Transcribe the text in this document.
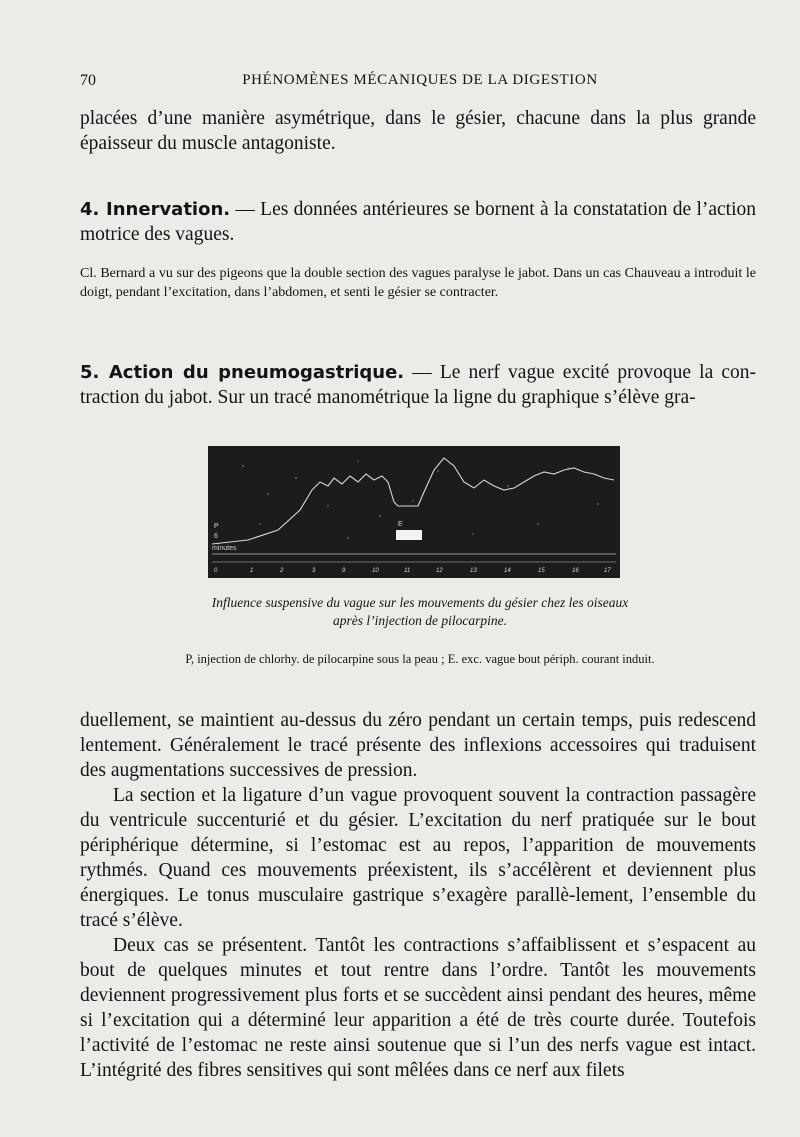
70	PHÉNOMÈNES MÉCANIQUES DE LA DIGESTION

placées d’une manière asymétrique, dans le gésier, chacune dans la plus grande épaisseur du muscle antagoniste.

4. Innervation. — Les données antérieures se bornent à la constatation de l’action motrice des vagues.

Cl. Bernard a vu sur des pigeons que la double section des vagues paralyse le jabot. Dans un cas Chauveau a introduit le doigt, pendant l’excitation, dans l’abdomen, et senti le gésier se contracter.

5. Action du pneumogastrique. — Le nerf vague excité provoque la con-traction du jabot. Sur un tracé manométrique la ligne du graphique s’élève gra-

P	E
6
minutes
0	1	2	3	9	10	11	12	13	14	15	16	17

Influence suspensive du vague sur les mouvements du gésier chez les oiseaux

après l’injection de pilocarpine.

P, injection de chlorhy. de pilocarpine sous la peau ; E. exc. vague bout périph. courant induit.

duellement, se maintient au-dessus du zéro pendant un certain temps, puis redescend lentement. Généralement le tracé présente des inflexions accessoires qui traduisent des augmentations successives de pression.

La section et la ligature d’un vague provoquent souvent la contraction passagère du ventricule succenturié et du gésier. L’excitation du nerf pratiquée sur le bout périphérique détermine, si l’estomac est au repos, l’apparition de mouvements rythmés. Quand ces mouvements préexistent, ils s’accélèrent et deviennent plus énergiques. Le tonus musculaire gastrique s’exagère parallè-lement, l’ensemble du tracé s’élève.

Deux cas se présentent. Tantôt les contractions s’affaiblissent et s’espacent au bout de quelques minutes et tout rentre dans l’ordre. Tantôt les mouvements deviennent progressivement plus forts et se succèdent ainsi pendant des heures, même si l’excitation qui a déterminé leur apparition a été de très courte durée. Toutefois l’activité de l’estomac ne reste ainsi soutenue que si l’un des nerfs vague est intact. L’intégrité des fibres sensitives qui sont mêlées dans ce nerf aux filets
